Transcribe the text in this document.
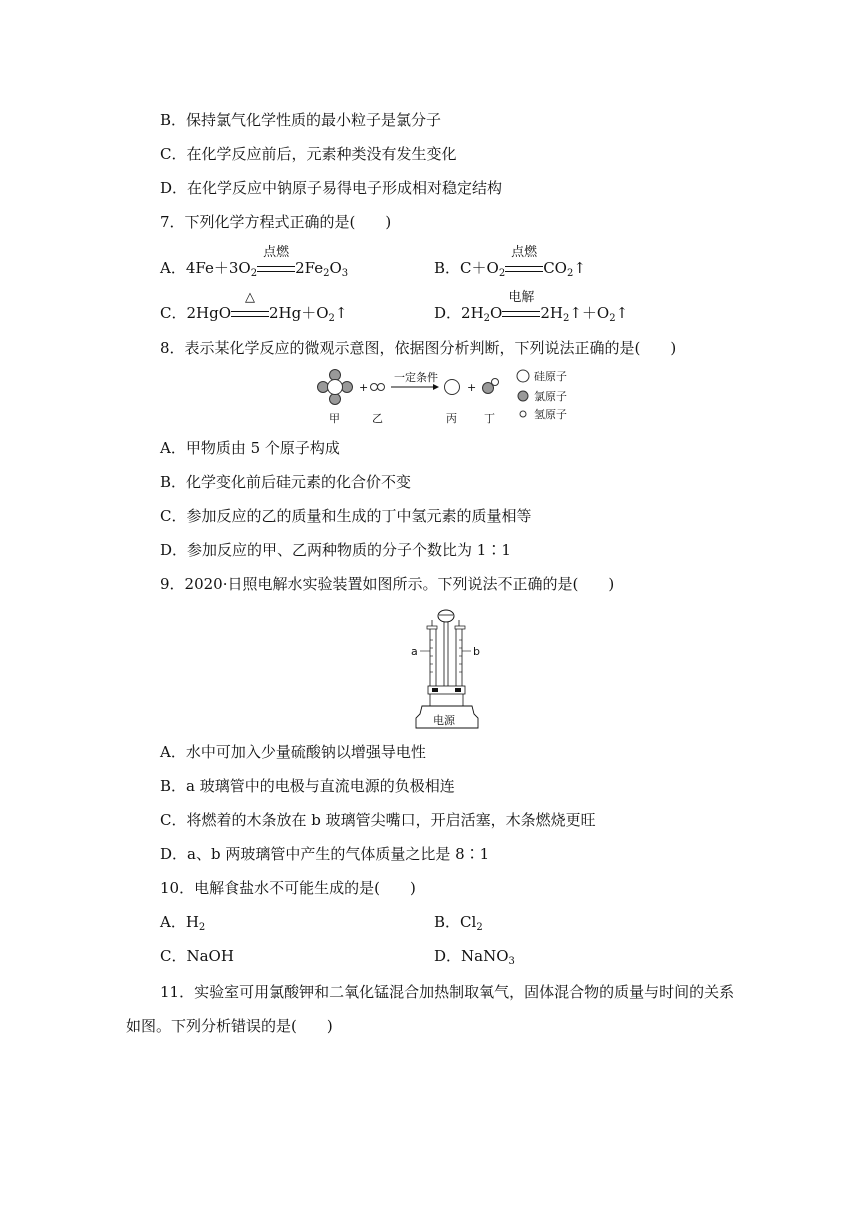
B．保持氯气化学性质的最小粒子是氯分子
C．在化学反应前后，元素种类没有发生变化
D．在化学反应中钠原子易得电子形成相对稳定结构
7．下列化学方程式正确的是(　　)
A．$4Fe+3O_2$
点燃
$2Fe_2O_3$	B．$C+O_2$
点燃
$CO_2↑$
C．2HgO
△
$2Hg+O_2↑$	D．$2H_2O$
电解
$2H_2↑+O_2↑$
8．表示某化学反应的微观示意图，依据图分析判断，下列说法正确的是(　　)
+
一定条件
+
硅原子
氯原子
氢原子
甲	乙	丙 丁
A．甲物质由 5 个原子构成
B．化学变化前后硅元素的化合价不变
C．参加反应的乙的质量和生成的丁中氢元素的质量相等
D．参加反应的甲、乙两种物质的分子个数比为 1∶1
9．2020·日照电解水实验装置如图所示。下列说法不正确的是(　　)
a	b
电源
A．水中可加入少量硫酸钠以增强导电性
B．a 玻璃管中的电极与直流电源的负极相连
C．将燃着的木条放在 b 玻璃管尖嘴口，开启活塞，木条燃烧更旺
D．a、b 两玻璃管中产生的气体质量之比是 8∶1
10．电解食盐水不可能生成的是(　　)
A．$H_2$	B．$Cl_2$
C．NaOH	D．NaNO$_3$
11．实验室可用氯酸钾和二氧化锰混合加热制取氧气，固体混合物的质量与时间的关系
如图。下列分析错误的是(　　)
